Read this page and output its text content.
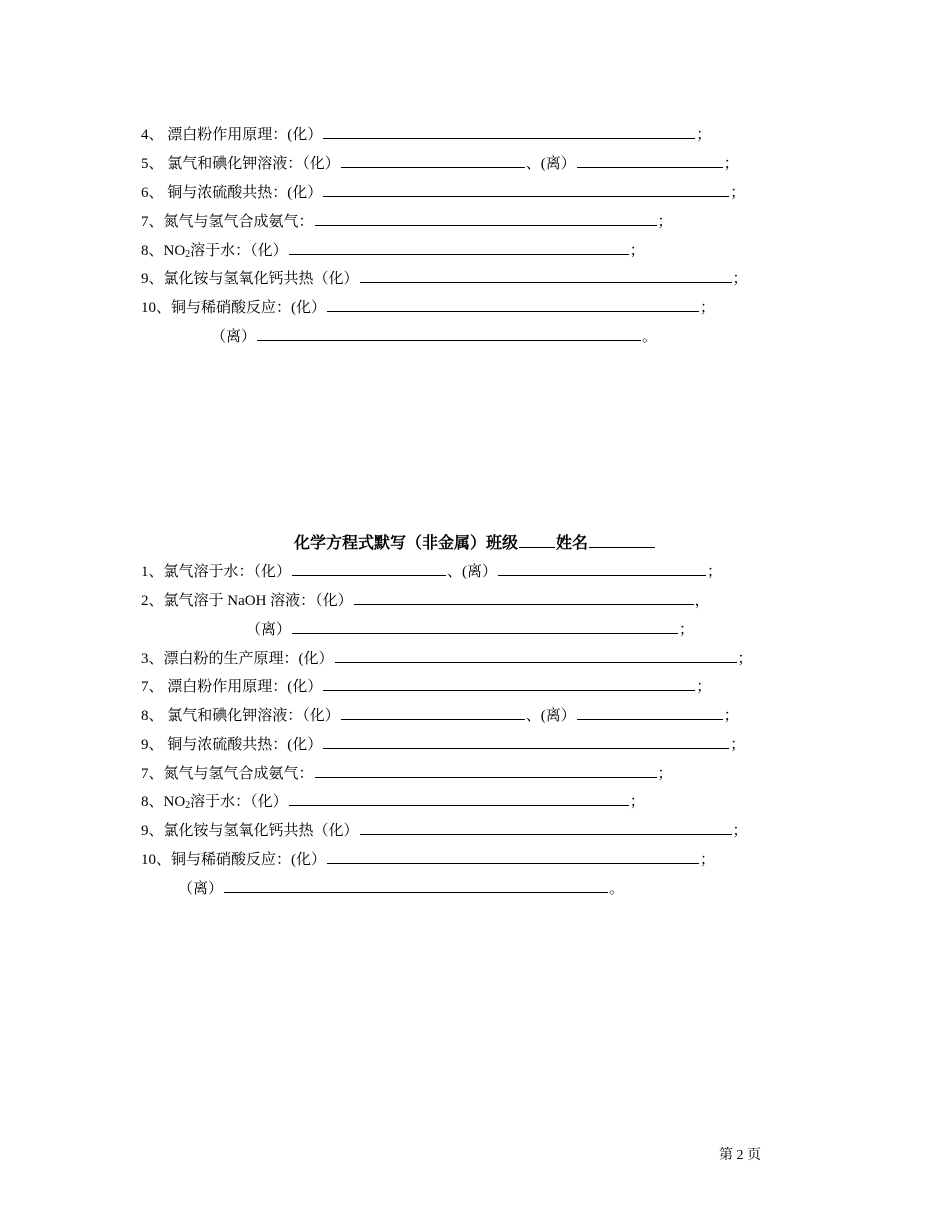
4、 漂白粉作用原理：(化）	；
5、 氯气和碘化钾溶液：（化）	、(离）	；
6、 铜与浓硫酸共热：(化）	；
7、氮气与氢气合成氨气：	；
8、$NO_2$溶于水：（化）	；
9、氯化铵与氢氧化钙共热（化）	；
10、铜与稀硝酸反应：(化）	；
（离）	。
化学方程式默写（非金属）班级 姓名
1、氯气溶于水：（化）	、(离）	；
2、氯气溶于 NaOH 溶液：（化）	，
（离）	；
3、漂白粉的生产原理：(化）	；
7、 漂白粉作用原理：(化）	；
8、 氯气和碘化钾溶液：（化）	、(离）	；
9、 铜与浓硫酸共热：(化）	；
7、氮气与氢气合成氨气：	；
8、$NO_2$溶于水：（化）	；
9、氯化铵与氢氧化钙共热（化）	；
10、铜与稀硝酸反应：(化）	；
（离）	。
第 2 页
